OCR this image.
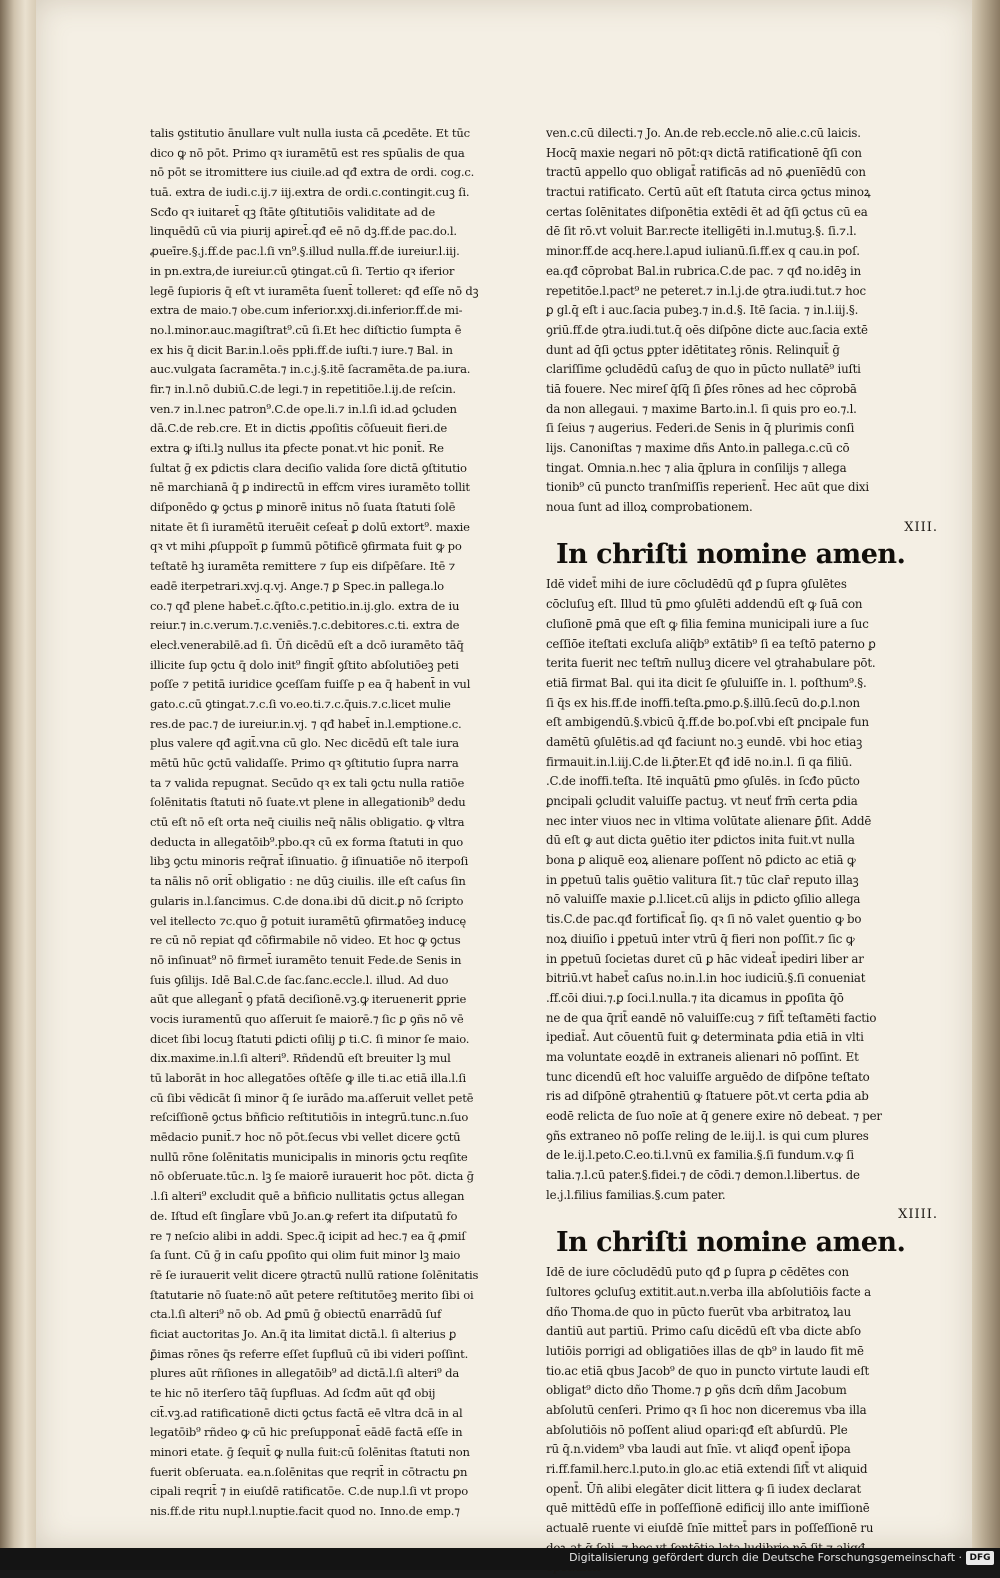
talis ꝯstitutio ānullare vult nulla iusta cā ꝓcedēte. Et tūc
dico ꝙ nō pōt. Primo qꝛ iuramētū est res spūalis de qua
nō pōt se itromittere ius ciuile.ad qđ extra de ordi. cog.c.
tuā. extra de iudi.c.ij.⁊ iij.extra de ordi.c.contingit.cuꝫ ſi.
Scđo qꝛ iuitaret̄ qꝫ ſtāte ꝯſtitutiōis validitate ad de
linquēdū cū via piurij aꝑiret̄.qđ eē nō dꝫ.ff.de pac.do.l.
ꝓueīre.§.j.ff.de pac.l.ſi vn⁹.§.illud nulla.ff.de iureiur.l.iij.
in pn.extra,de iureiur.cū ꝯtingat.cū ſi. Tertio qꝛ iferior
legē ſupioris q̄ eſt vt iuramēta ſuent̄ tolleret: qđ eſſe nō dꝫ
extra de maio.⁊ obe.cum inferior.xxj.di.inferior.ff.de mi-
no.l.minor.auc.magiſtrat⁹.cū ſi.Et hec diſtictio ſumpta ē
ex his q̄ dicit Bar.in.l.oēs ppłi.ff.de iuſti.⁊ iure.⁊ Bal. in
auc.vulgata ſacramēta.⁊ in.c.j.§.itē ſacramēta.de pa.iura.
fir.⁊ in.l.nō dubiū.C.de legi.⁊ in repetitiōe.l.ij.de reſcin.
ven.⁊ in.l.nec patron⁹.C.de ope.li.⁊ in.l.ſi id.ad ꝯcluden
dā.C.de reb.cre. Et in dictis ꝓpoſitis cōſueuit fieri.de
extra ꝙ iſti.lꝫ nullus ita ꝑfecte ponat.vt hic ponit̄. Re
ſultat ḡ ex ꝑdictis clara deciſio valida ſore dictā ꝯſtitutio
nē marchianā q̄ ꝑ indirectū in effcm vires iuramēto tollit
diſponēdo ꝙ ꝯctus ꝑ minorē initus nō ſuata ſtatuti ſolē
nitate ēt ſi iuramētū iteruēit ceſeat̄ ꝑ dolū extort⁹. maxie
qꝛ vt mihi ꝓſuppoīt ꝑ ſummū pōtificē ꝯfirmata fuit ꝙ po
teſtatē hꝫ iuramēta remittere ⁊ ſup eis diſpēſare. Itē ⁊
eadē iterpetrari.xvj.q.vj. Ange.⁊ ꝑ Spec.in pallega.lo
co.⁊ qđ plene habet̄.c.q̄ſto.c.petitio.in.ij.glo. extra de iu
reiur.⁊ in.c.verum.⁊.c.veniēs.⁊.c.debitores.c.ti. extra de
elecł.venerabilē.ad ſi. Ūn̄ dicēdū eſt a dcō iuramēto tāq̄
illicite ſup ꝯctu q̄ dolo init⁹ fingit̄ ꝯſtito abſolutiōeꝫ peti
poſſe ⁊ petitā iuridice ꝯceſſam fuiſſe p ea q̄ habent̄ in vul
gato.c.cū ꝯtingat.⁊.c.ſi vo.eo.ti.⁊.c.q̄uis.⁊.c.licet mulie
res.de pac.⁊ de iureiur.in.vj. ⁊ qđ habet̄ in.l.emptione.c.
plus valere qđ agit̄.vna cū glo. Nec dicēdū eſt tale iura
mētū hūc ꝯctū validaſſe. Primo qꝛ ꝯſtitutio ſupra narra
ta ⁊ valida repugnat. Secūdo qꝛ ex tali ꝯctu nulla ratiōe
ſolēnitatis ſtatuti nō ſuate.vt plene in allegationib⁹ dedu
ctū eſt nō eſt orta neq̄ ciuilis neq̄ nālis obligatio. ꝙ vltra
deducta in allegatōib⁹.pbo.qꝛ cū ex forma ſtatuti in quo
libꝫ ꝯctu minoris req̄rat̄ iſinuatio. ḡ iſinuatiōe nō iterpoſi
ta nālis nō orit̄ obligatio : ne dūꝫ ciuilis. ille eſt caſus ſin
gularis in.l.ſancimus. C.de dona.ibi dū dicit.ꝑ nō ſcripto
vel itellecto ⁊c.quo ḡ potuit iuramētū ꝯfirmatōeꝫ inducę
re cū nō repiat qđ cōfirmabile nō video. Et hoc ꝙ ꝯctus
nō inſinuat⁹ nō firmet̄ iuramēto tenuit Fede.de Senis in
ſuis ꝯſilijs. Idē Bal.C.de ſac.ſanc.eccle.l. illud. Ad duo
aūt que allegant̄ ꝯ pfatā deciſionē.vꝫ.ꝙ iteruenerit ꝑprie
vocis iuramentū quo aſſeruit ſe maiorē.⁊ ſic ꝑ ꝯñs nō vē
dicet ſibi locuꝫ ſtatuti ꝑdicti oſilij ꝑ ti.C. ſi minor ſe maio.
dix.maxime.in.l.ſi alteri⁹. Rñdendū eſt breuiter lꝫ mul
tū laborāt in hoc allegatōes oſtēſe ꝙ ille ti.ac etiā illa.l.ſi
cū ſibi vēdicāt ſi minor q̄ ſe iurādo ma.aſſeruit vellet petē
reſciſſionē ꝯctus bñficio reſtitutiōis in integrū.tunc.n.ſuo
mēdacio punit̄.⁊ hoc nō pōt.ſecus vbi vellet dicere ꝯctū
nullū rōne ſolēnitatis municipalis in minoris ꝯctu reqſite
nō obſeruate.tūc.n. lꝫ ſe maiorē iurauerit hoc pōt. dicta ḡ
.l.ſi alteri⁹ excludit quē a bñficio nullitatis ꝯctus allegan
de. Iſtud eſt ſingl̄are vbū Jo.an.ꝙ refert ita diſputatū fo
re ⁊ neſcio alibi in addi. Spec.q̄ icipit ad hec.⁊ ea q̄ ꝓmiſ
ſa ſunt. Cū ḡ in caſu ꝑpoſito qui olim fuit minor lꝫ maio
rē ſe iurauerit velit dicere ꝯtractū nullū ratione ſolēnitatis
ſtatutarie nō ſuate:nō aūt petere reſtitutōeꝫ merito ſibi oi
cta.l.ſi alteri⁹ nō ob. Ad ꝑmū ḡ obiectū enarrādū ſuf
ficiat auctoritas Jo. An.q̄ ita limitat dictā.l. ſi alterius ꝑ
ꝑ̄imas rōnes q̄s referre eſſet ſupfluū cū ibi videri poſſint.
plures aūt rñſiones in allegatōib⁹ ad dictā.l.ſi alteri⁹ da
te hic nō iterſero tāq̄ ſupfluas. Ad ſcđm aūt qđ obij
cit̄.vꝫ.ad ratificationē dicti ꝯctus factā eē vltra dcā in al
legatōib⁹ rñdeo ꝙ cū hic preſupponat̄ eādē factā eſſe in
minori etate. ḡ ſequit̄ ꝙ nulla fuit:cū ſolēnitas ſtatuti non
fuerit obſeruata. ea.n.ſolēnitas que reqrit̄ in cōtractu ꝑn
cipali reqrit̄ ⁊ in eiuſdē ratificatōe. C.de nup.l.ſi vt propo
nis.ff.de ritu nupł.l.nuptie.facit quod no. Inno.de emp.⁊
ven.c.cū dilecti.⁊ Jo. An.de reb.eccle.nō alie.c.cū laicis.
Hocq̄ maxie negari nō pōt:qꝛ dictā ratificationē q̄ſi con
tractū appello quo obligat̄ ratificās ad nō ꝓuenīēdū con
tractui ratificato. Certū aūt eſt ſtatuta circa ꝯctus minoꝝ
certas ſolēnitates diſponētia extēdi ēt ad q̄ſi ꝯctus cū ea
dē ſit rō.vt voluit Bar.recte itelligēti in.l.mutuꝫ.§. ſi.⁊.l.
minor.ff.de acq.here.l.apud iulianū.ſi.ff.ex q cau.in poſ.
ea.qđ cōprobat Bal.in rubrica.C.de pac. ⁊ qđ no.idēꝫ in
repetitōe.l.pact⁹ ne peteret.⁊ in.l.j.de ꝯtra.iudi.tut.⁊ hoc
ꝑ gl.q̄ eſt i auc.ſacia pubeꝫ.⁊ in.d.§. Itē ſacia. ⁊ in.l.iij.§.
ꝯriū.ff.de ꝯtra.iudi.tut.q̄ oēs diſpōne dicte auc.ſacia extē
dunt ad q̄ſi ꝯctus ꝑpter idētitateꝫ rōnis. Relinquit̄ ḡ
clariſſime ꝯcludēdū caſuꝫ de quo in pūcto nullatē⁹ iuſti
tiā fouere. Nec mireſ q̄ſq̄ ſi ꝑ̄ſes rōnes ad hec cōprobā
da non allegaui. ⁊ maxime Barto.in.l. ſi quis pro eo.⁊.l.
ſi ſeius ⁊ augerius. Federi.de Senis in q̄ plurimis conſi
lijs. Canoniſtas ⁊ maxime dñs Anto.in pallega.c.cū cō
tingat. Omnia.n.hec ⁊ alia q̄plura in conſilijs ⁊ allega
tionib⁹ cū puncto tranſmiſſis reperient̄. Hec aūt que dixi
noua ſunt ad illoꝝ comprobationem.
XIII.
In chriſti nomine amen.
Idē videt̄ mihi de iure cōcludēdū qđ ꝑ ſupra ꝯſulētes
cōcluſuꝫ eſt. Illud tū ꝑmo ꝯſulēti addendū eſt ꝙ ſuā con
cluſionē ꝑmā que eſt ꝙ filia femina municipali iure a ſuc
ceſſiōe iteſtati excluſa aliq̄b⁹ extātib⁹ ſi ea teſtō paterno ꝑ
terita fuerit nec teſtm̄ nulluꝫ dicere vel ꝯtrahabulare pōt.
etiā firmat Bal. qui ita dicit ſe ꝯſuluiſſe in. l. poſthum⁹.§.
ſi q̄s ex his.ff.de inoffi.teſta.ꝑmo.ꝑ.§.illū.ſecū do.ꝑ.l.non
eſt ambigendū.§.vbicū q̄.ff.de bo.poſ.vbi eſt ꝑncipale fun
damētū ꝯſulētis.ad qđ faciunt no.ꝫ eundē. vbi hoc etiaꝫ
firmauit.in.l.iij.C.de li.ꝑ̄ter.Et qđ idē no.in.l. ſi qa filiū.
.C.de inoffi.teſta. Itē inquātū ꝑmo ꝯſulēs. in ſcđo pūcto
ꝑncipali ꝯcludit valuiſſe pactuꝫ. vt neuť frm̄ certa ꝑdia
nec inter viuos nec in vltima volūtate alienare ꝑ̄ſit. Addē
dū eſt ꝙ aut dicta ꝯuētio iter ꝑdictos inita fuit.vt nulla
bona ꝑ aliquē eoꝝ alienare poſſent nō ꝑdicto ac etiā ꝙ
in ꝑpetuū talis ꝯuētio valitura ſit.⁊ tūc clar̄ reputo illaꝫ
nō valuiſſe maxie ꝑ.l.licet.cū alijs in ꝑdicto ꝯſilio allega
tis.C.de pac.qđ fortificat̄ ſiꝯ. qꝛ ſi nō valet ꝯuentio ꝙ bo
noꝝ diuiſio i ꝑpetuū inter vtrū q̄ fieri non poſſit.⁊ ſic ꝙ
in ꝑpetuū ſocietas duret cū ꝑ hāc videat̄ ipediri liber ar
bitriū.vt habet̄ caſus no.in.l.in hoc iudiciū.§.ſi conueniat
.ff.cōi diui.⁊.ꝑ ſoci.l.nulla.⁊ ita dicamus in ꝑpoſita q̄ō
ne de qua q̄rit̄ eandē nō valuiſſe:cuꝫ ⁊ fiſt̄ teſtamēti factio
ipediat̄. Aut cōuentū fuit ꝙ determinata ꝑdia etiā in vlti
ma voluntate eoꝝdē in extraneis alienari nō poſſint. Et
tunc dicendū eſt hoc valuiſſe arguēdo de diſpōne teſtato
ris ad diſpōnē ꝯtrahentiū ꝙ ſtatuere pōt.vt certa ꝑdia ab
eodē relicta de ſuo noīe at q̄ genere exire nō debeat. ⁊ per
ꝯñs extraneo nō poſſe reling de le.iij.l. is qui cum plures
de le.ij.l.peto.C.eo.ti.l.vnū ex familia.§.ſi fundum.v.ꝙ ſi
talia.⁊.l.cū pater.§.fidei.⁊ de cōdi.⁊ demon.l.libertus. de
le.j.l.filius familias.§.cum pater.
XIIII.
In chriſti nomine amen.
Idē de iure cōcludēdū puto qđ ꝑ ſupra ꝑ cēdētes con
ſultores ꝯcluſuꝫ extitit.aut.n.verba illa abſolutiōis facte a
dño Thoma.de quo in pūcto fuerūt vba arbitratoꝝ lau
dantiū aut partiū. Primo caſu dicēdū eſt vba dicte abſo
lutiōis porrigi ad obligatiōes illas de qb⁹ in laudo fit mē
tio.ac etiā qbus Jacob⁹ de quo in puncto virtute laudi eſt
obligat⁹ dicto dño Thome.⁊ ꝑ ꝯñs dcm̄ dñm Jacobum
abſolutū cenſeri. Primo qꝛ ſi hoc non diceremus vba illa
abſolutiōis nō poſſent aliud opari:qđ eſt abſurdū. Ple
rū q̄.n.videm⁹ vba laudi aut ſnīe. vt aliqđ opent̄ ip̄opa
ri.ff.famil.herc.l.puto.in glo.ac etiā extendi ſiſt̄ vt aliquid
opent̄. Ūn̄ alibi elegāter dicit littera ꝙ ſi iudex declarat
quē mittēdū eſſe in poſſeſſionē edificij illo ante imiſſionē
actualē ruente vi eiuſdē ſnīe mittet̄ pars in poſſeſſionē ru
Digitalisierung gefördert durch die Deutsche Forschungsgemeinschaft · DFG
